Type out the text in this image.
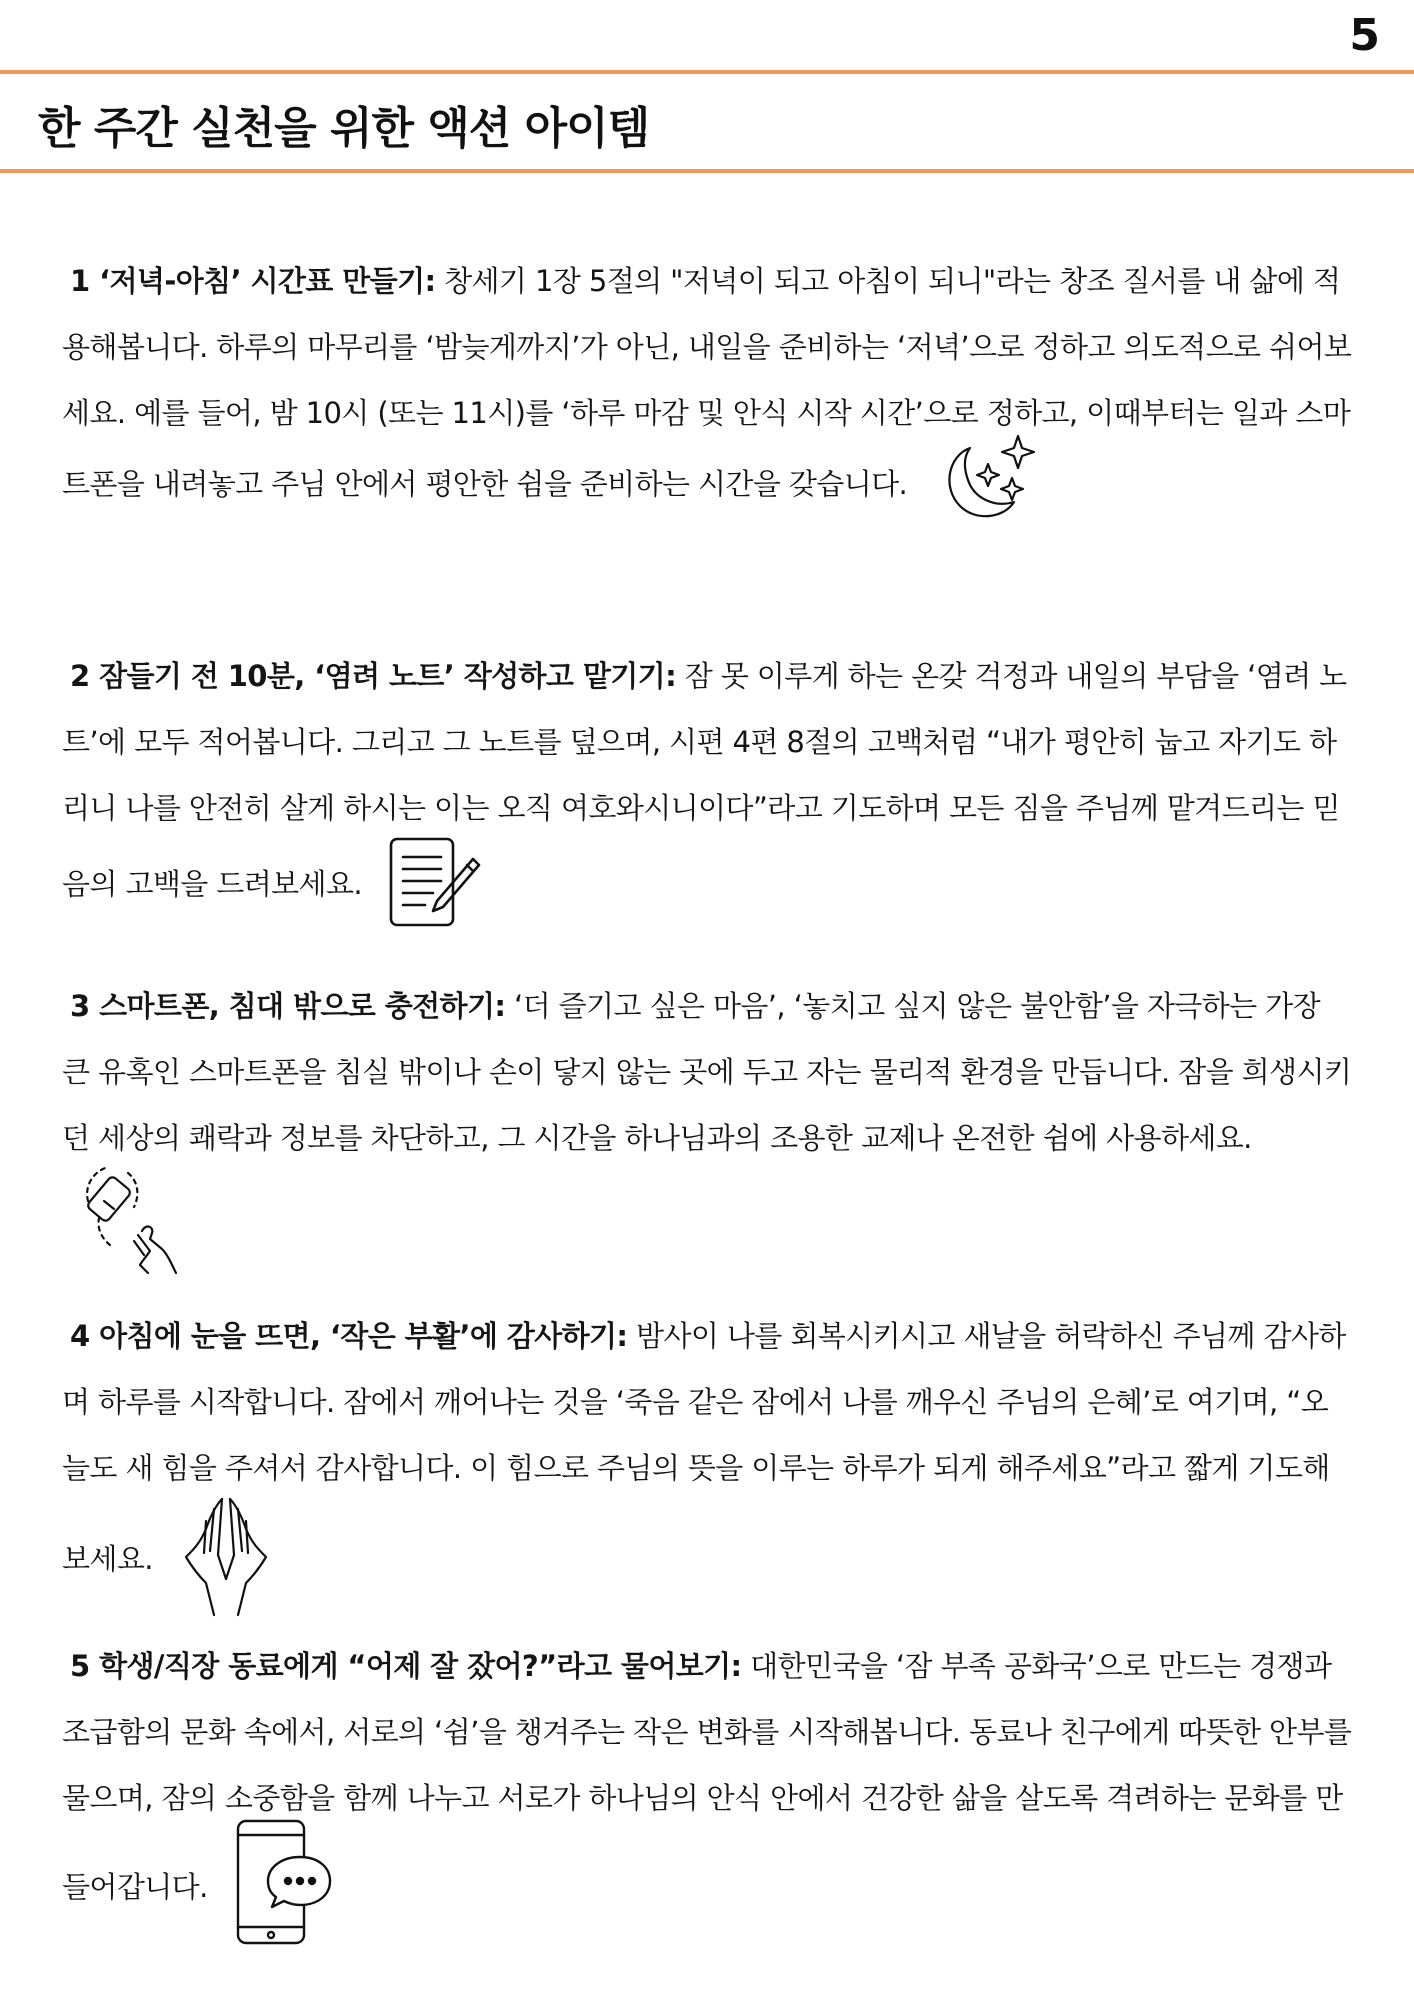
5
한 주간 실천을 위한 액션 아이템
1 ‘저녁-아침’ 시간표 만들기: 창세기 1장 5절의 "저녁이 되고 아침이 되니"라는 창조 질서를 내 삶에 적용해봅니다. 하루의 마무리를 ‘밤늦게까지’가 아닌, 내일을 준비하는 ‘저녁’으로 정하고 의도적으로 쉬어보세요. 예를 들어, 밤 10시 (또는 11시)를 ‘하루 마감 및 안식 시작 시간’으로 정하고, 이때부터는 일과 스마트폰을 내려놓고 주님 안에서 평안한 쉼을 준비하는 시간을 갖습니다.
2 잠들기 전 10분, ‘염려 노트’ 작성하고 맡기기: 잠 못 이루게 하는 온갖 걱정과 내일의 부담을 ‘염려 노트’에 모두 적어봅니다. 그리고 그 노트를 덮으며, 시편 4편 8절의 고백처럼 “내가 평안히 눕고 자기도 하리니 나를 안전히 살게 하시는 이는 오직 여호와시니이다”라고 기도하며 모든 짐을 주님께 맡겨드리는 믿음의 고백을 드려보세요.
3 스마트폰, 침대 밖으로 충전하기: ‘더 즐기고 싶은 마음’, ‘놓치고 싶지 않은 불안함’을 자극하는 가장 큰 유혹인 스마트폰을 침실 밖이나 손이 닿지 않는 곳에 두고 자는 물리적 환경을 만듭니다. 잠을 희생시키던 세상의 쾌락과 정보를 차단하고, 그 시간을 하나님과의 조용한 교제나 온전한 쉼에 사용하세요.
4 아침에 눈을 뜨면, ‘작은 부활’에 감사하기: 밤사이 나를 회복시키시고 새날을 허락하신 주님께 감사하며 하루를 시작합니다. 잠에서 깨어나는 것을 ‘죽음 같은 잠에서 나를 깨우신 주님의 은혜’로 여기며, “오늘도 새 힘을 주셔서 감사합니다. 이 힘으로 주님의 뜻을 이루는 하루가 되게 해주세요”라고 짧게 기도해보세요.
5 학생/직장 동료에게 “어제 잘 잤어?”라고 물어보기: 대한민국을 ‘잠 부족 공화국’으로 만드는 경쟁과 조급함의 문화 속에서, 서로의 ‘쉼’을 챙겨주는 작은 변화를 시작해봅니다. 동료나 친구에게 따뜻한 안부를 물으며, 잠의 소중함을 함께 나누고 서로가 하나님의 안식 안에서 건강한 삶을 살도록 격려하는 문화를 만들어갑니다.
